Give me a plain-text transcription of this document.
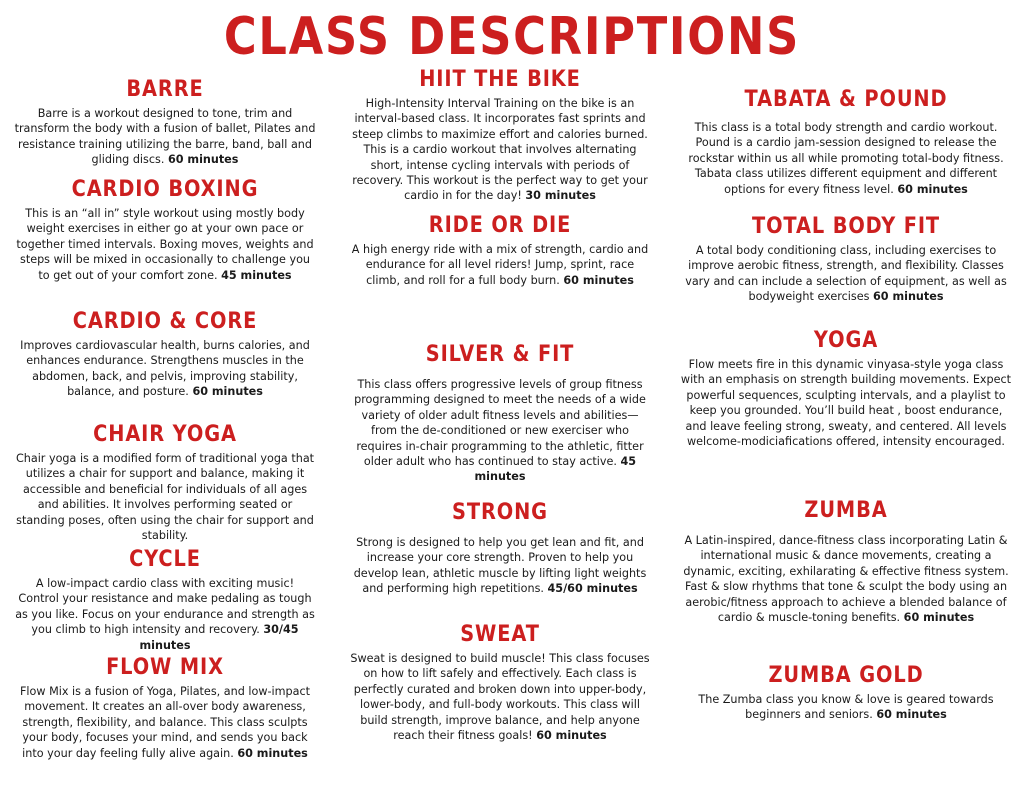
CLASS DESCRIPTIONS
BARRE

Barre is a workout designed to tone, trim and transform the body with a fusion of ballet, Pilates and resistance training utilizing the barre, band, ball and gliding discs. 60 minutes

CARDIO BOXING

This is an “all in” style workout using mostly body weight exercises in either go at your own pace or together timed intervals. Boxing moves, weights and steps will be mixed in occasionally to challenge you to get out of your comfort zone. 45 minutes

CARDIO & CORE

Improves cardiovascular health, burns calories, and enhances endurance. Strengthens muscles in the abdomen, back, and pelvis, improving stability, balance, and posture. 60 minutes

CHAIR YOGA

Chair yoga is a modified form of traditional yoga that utilizes a chair for support and balance, making it accessible and beneficial for individuals of all ages and abilities. It involves performing seated or standing poses, often using the chair for support and stability.

CYCLE

A low-impact cardio class with exciting music! Control your resistance and make pedaling as tough as you like. Focus on your endurance and strength as you climb to high intensity and recovery. 30/45 minutes

FLOW MIX

Flow Mix is a fusion of Yoga, Pilates, and low-impact movement. It creates an all-over body awareness, strength, flexibility, and balance. This class sculpts your body, focuses your mind, and sends you back into your day feeling fully alive again. 60 minutes

HIIT THE BIKE

High-Intensity Interval Training on the bike is an interval-based class. It incorporates fast sprints and steep climbs to maximize effort and calories burned. This is a cardio workout that involves alternating short, intense cycling intervals with periods of recovery. This workout is the perfect way to get your cardio in for the day! 30 minutes

RIDE OR DIE

A high energy ride with a mix of strength, cardio and endurance for all level riders! Jump, sprint, race climb, and roll for a full body burn. 60 minutes

SILVER & FIT

This class offers progressive levels of group fitness programming designed to meet the needs of a wide variety of older adult fitness levels and abilities—from the de-conditioned or new exerciser who requires in-chair programming to the athletic, fitter older adult who has continued to stay active. 45 minutes

STRONG

Strong is designed to help you get lean and fit, and increase your core strength. Proven to help you develop lean, athletic muscle by lifting light weights and performing high repetitions. 45/60 minutes

SWEAT

Sweat is designed to build muscle! This class focuses on how to lift safely and effectively. Each class is perfectly curated and broken down into upper-body, lower-body, and full-body workouts. This class will build strength, improve balance, and help anyone reach their fitness goals! 60 minutes

TABATA & POUND

This class is a total body strength and cardio workout. Pound is a cardio jam-session designed to release the rockstar within us all while promoting total-body fitness. Tabata class utilizes different equipment and different options for every fitness level. 60 minutes

TOTAL BODY FIT

A total body conditioning class, including exercises to improve aerobic fitness, strength, and flexibility. Classes vary and can include a selection of equipment, as well as bodyweight exercises 60 minutes

YOGA

Flow meets fire in this dynamic vinyasa-style yoga class with an emphasis on strength building movements. Expect powerful sequences, sculpting intervals, and a playlist to keep you grounded. You’ll build heat , boost endurance, and leave feeling strong, sweaty, and centered. All levels welcome-modiciafications offered, intensity encouraged.

ZUMBA

A Latin-inspired, dance-fitness class incorporating Latin & international music & dance movements, creating a dynamic, exciting, exhilarating & effective fitness system. Fast & slow rhythms that tone & sculpt the body using an aerobic/fitness approach to achieve a blended balance of cardio & muscle-toning benefits. 60 minutes

ZUMBA GOLD

The Zumba class you know & love is geared towards beginners and seniors. 60 minutes
